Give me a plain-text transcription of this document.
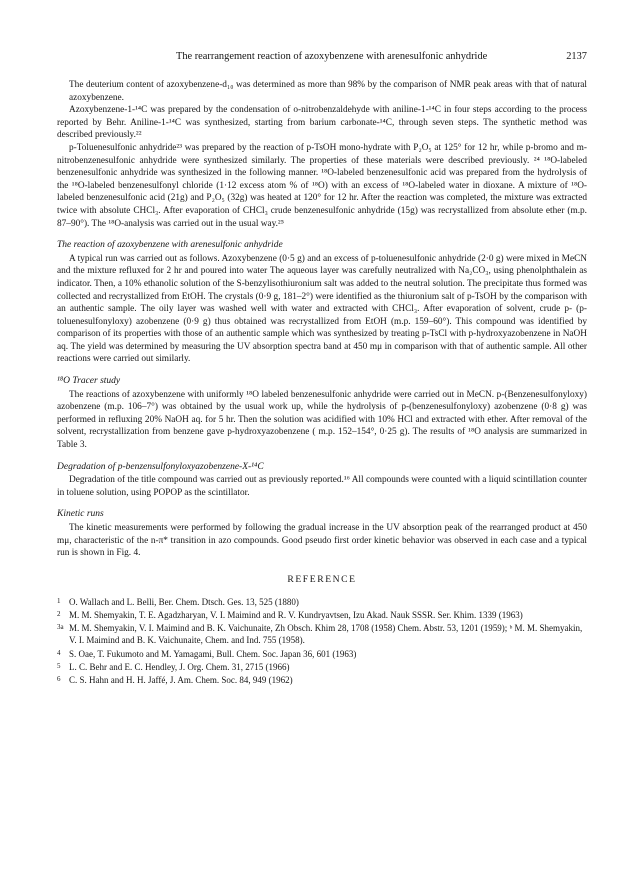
The rearrangement reaction of azoxybenzene with arenesulfonic anhydride	2137

The deuterium content of azoxybenzene-d₁₀ was determined as more than 98% by the comparison of NMR peak areas with that of natural azoxybenzene.

Azoxybenzene-1-¹⁴C was prepared by the condensation of o-nitrobenzaldehyde with aniline-1-¹⁴C in four steps according to the process reported by Behr. Aniline-1-¹⁴C was synthesized, starting from barium carbonate-¹⁴C, through seven steps. The synthetic method was described previously.²²

p-Toluenesulfonic anhydride²³ was prepared by the reaction of p-TsOH mono-hydrate with P₂O₅ at 125° for 12 hr, while p-bromo and m-nitrobenzenesulfonic anhydride were synthesized similarly. The properties of these materials were described previously. ²⁴ ¹⁸O-labeled benzenesulfonic anhydride was synthesized in the following manner. ¹⁸O-labeled benzenesulfonic acid was prepared from the hydrolysis of the ¹⁸O-labeled benzenesulfonyl chloride (1·12 excess atom % of ¹⁸O) with an excess of ¹⁸O-labeled water in dioxane. A mixture of ¹⁸O-labeled benzenesulfonic acid (21g) and P₂O₅ (32g) was heated at 120° for 12 hr. After the reaction was completed, the mixture was extracted twice with absolute CHCl₃. After evaporation of CHCl₃ crude benzenesulfonic anhydride (15g) was recrystallized from absolute ether (m.p. 87–90°). The ¹⁸O-analysis was carried out in the usual way.²⁵

The reaction of azoxybenzene with arenesulfonic anhydride

A typical run was carried out as follows. Azoxybenzene (0·5 g) and an excess of p-toluenesulfonic anhydride (2·0 g) were mixed in MeCN and the mixture refluxed for 2 hr and poured into water The aqueous layer was carefully neutralized with Na₂CO₃, using phenolphthalein as indicator. Then, a 10% ethanolic solution of the S-benzylisothiuronium salt was added to the neutral solution. The precipitate thus formed was collected and recrystallized from EtOH. The crystals (0·9 g, 181–2°) were identified as the thiuronium salt of p-TsOH by the comparison with an authentic sample. The oily layer was washed well with water and extracted with CHCl₃. After evaporation of solvent, crude p- (p-toluenesulfonyloxy) azobenzene (0·9 g) thus obtained was recrystallized from EtOH (m.p. 159–60°). This compound was identified by comparison of its properties with those of an authentic sample which was synthesized by treating p-TsCl with p-hydroxyazobenzene in NaOH aq. The yield was determined by measuring the UV absorption spectra band at 450 mμ in comparison with that of authentic sample. All other reactions were carried out similarly.

¹⁸O Tracer study

The reactions of azoxybenzene with uniformly ¹⁸O labeled benzenesulfonic anhydride were carried out in MeCN. p-(Benzenesulfonyloxy) azobenzene (m.p. 106–7°) was obtained by the usual work up, while the hydrolysis of p-(benzenesulfonyloxy) azobenzene (0·8 g) was performed in refluxing 20% NaOH aq. for 5 hr. Then the solution was acidified with 10% HCl and extracted with ether. After removal of the solvent, recrystallization from benzene gave p-hydroxyazobenzene ( m.p. 152–154°, 0·25 g). The results of ¹⁸O analysis are summarized in Table 3.

Degradation of p-benzensulfonyloxyazobenzene-X-¹⁴C

Degradation of the title compound was carried out as previously reported.¹⁶ All compounds were counted with a liquid scintillation counter in toluene solution, using POPOP as the scintillator.

Kinetic runs

The kinetic measurements were performed by following the gradual increase in the UV absorption peak of the rearranged product at 450 mμ, characteristic of the n-π* transition in azo compounds. Good pseudo first order kinetic behavior was observed in each case and a typical run is shown in Fig. 4.

REFERENCE
1 O. Wallach and L. Belli, Ber. Chem. Dtsch. Ges. 13, 525 (1880)
2 M. M. Shemyakin, T. E. Agadzharyan, V. I. Maimind and R. V. Kundryavtsen, Izu Akad. Nauk SSSR. Ser. Khim. 1339 (1963)
3a M. M. Shemyakin, V. I. Maimind and B. K. Vaichunaite, Zh Obsch. Khim 28, 1708 (1958) Chem. Abstr. 53, 1201 (1959); ᵇ M. M. Shemyakin, V. I. Maimind and B. K. Vaichunaite, Chem. and Ind. 755 (1958).
4 S. Oae, T. Fukumoto and M. Yamagami, Bull. Chem. Soc. Japan 36, 601 (1963)
5 L. C. Behr and E. C. Hendley, J. Org. Chem. 31, 2715 (1966)
6 C. S. Hahn and H. H. Jaffé, J. Am. Chem. Soc. 84, 949 (1962)
